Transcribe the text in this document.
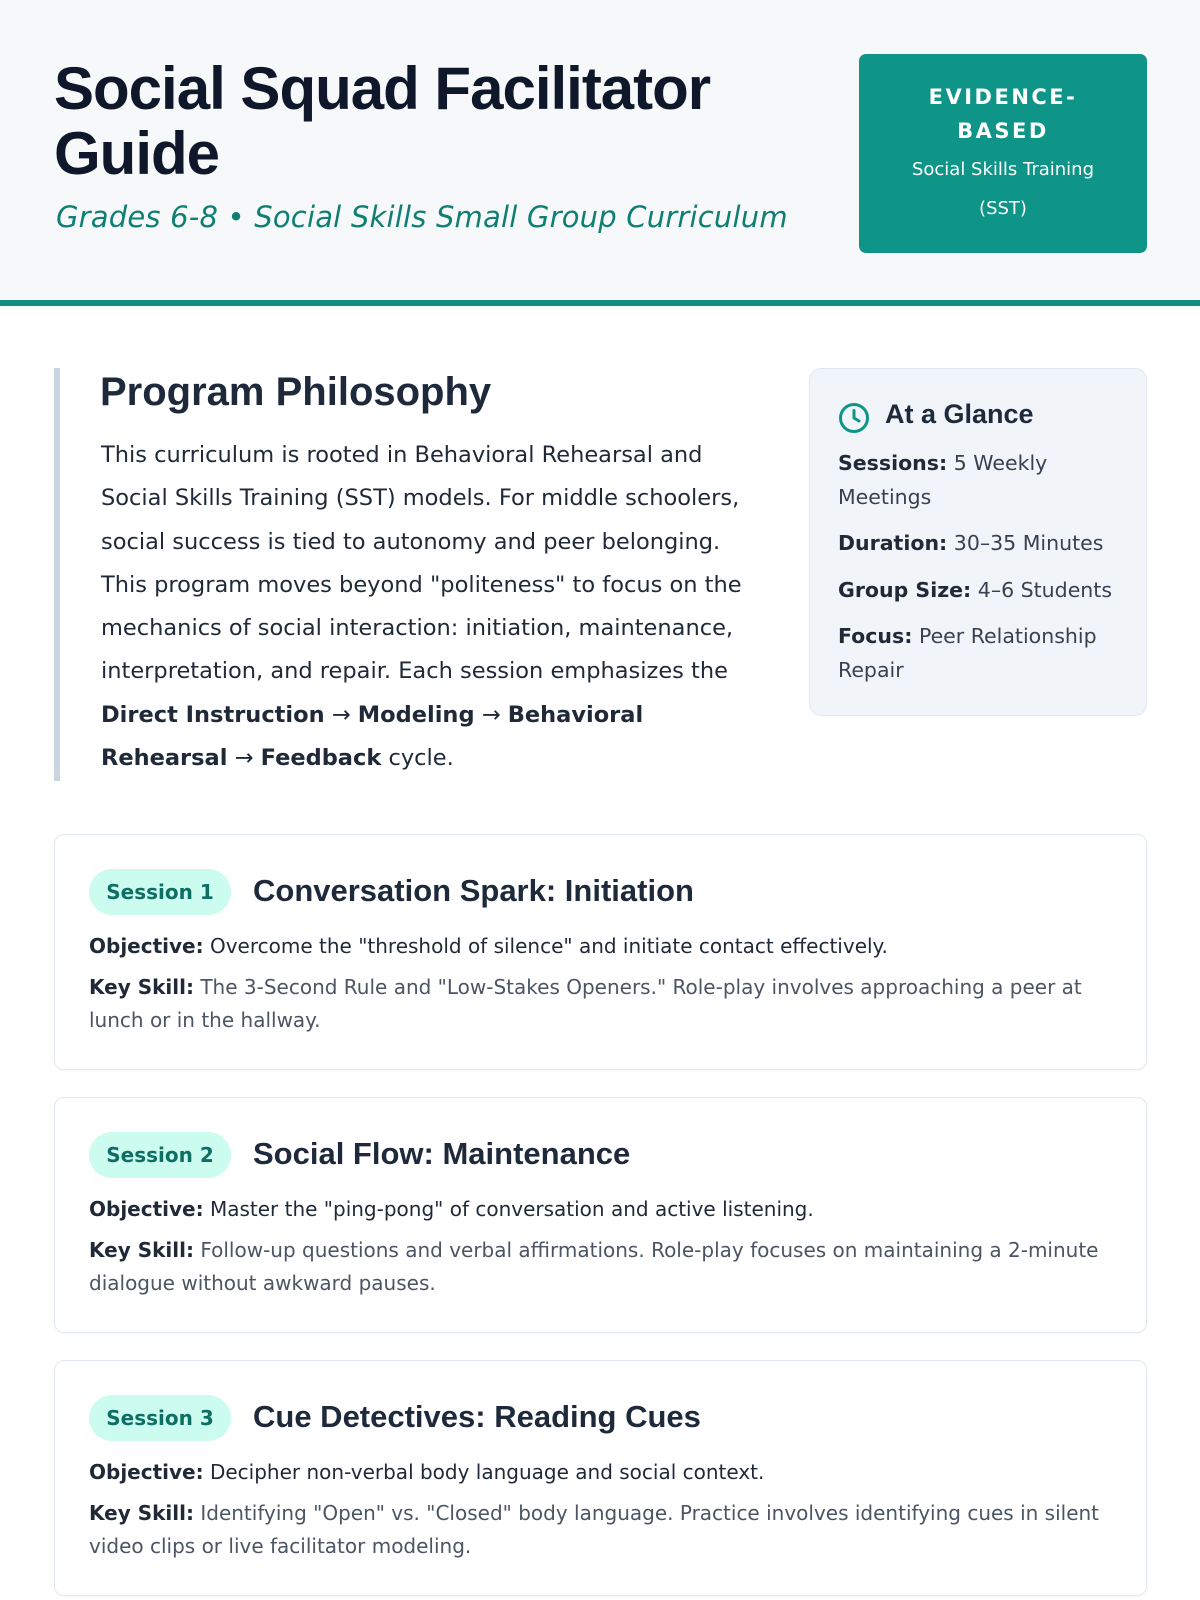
Social Squad Facilitator Guide
Grades 6-8 • Social Skills Small Group Curriculum
EVIDENCE-BASED
Social Skills Training (SST)
Program Philosophy

This curriculum is rooted in Behavioral Rehearsal and Social Skills Training (SST) models. For middle schoolers, social success is tied to autonomy and peer belonging. This program moves beyond "politeness" to focus on the mechanics of social interaction: initiation, maintenance, interpretation, and repair. Each session emphasizes the Direct Instruction → Modeling → Behavioral Rehearsal → Feedback cycle.

At a Glance
Sessions: 5 Weekly Meetings
Duration: 30–35 Minutes
Group Size: 4–6 Students
Focus: Peer Relationship Repair
Session 1	Conversation Spark: Initiation
Objective: Overcome the "threshold of silence" and initiate contact effectively.
Key Skill: The 3-Second Rule and "Low-Stakes Openers." Role-play involves approaching a peer at lunch or in the hallway.
Session 2	Social Flow: Maintenance
Objective: Master the "ping-pong" of conversation and active listening.
Key Skill: Follow-up questions and verbal affirmations. Role-play focuses on maintaining a 2-minute dialogue without awkward pauses.
Session 3	Cue Detectives: Reading Cues
Objective: Decipher non-verbal body language and social context.
Key Skill: Identifying "Open" vs. "Closed" body language. Practice involves identifying cues in silent video clips or live facilitator modeling.
